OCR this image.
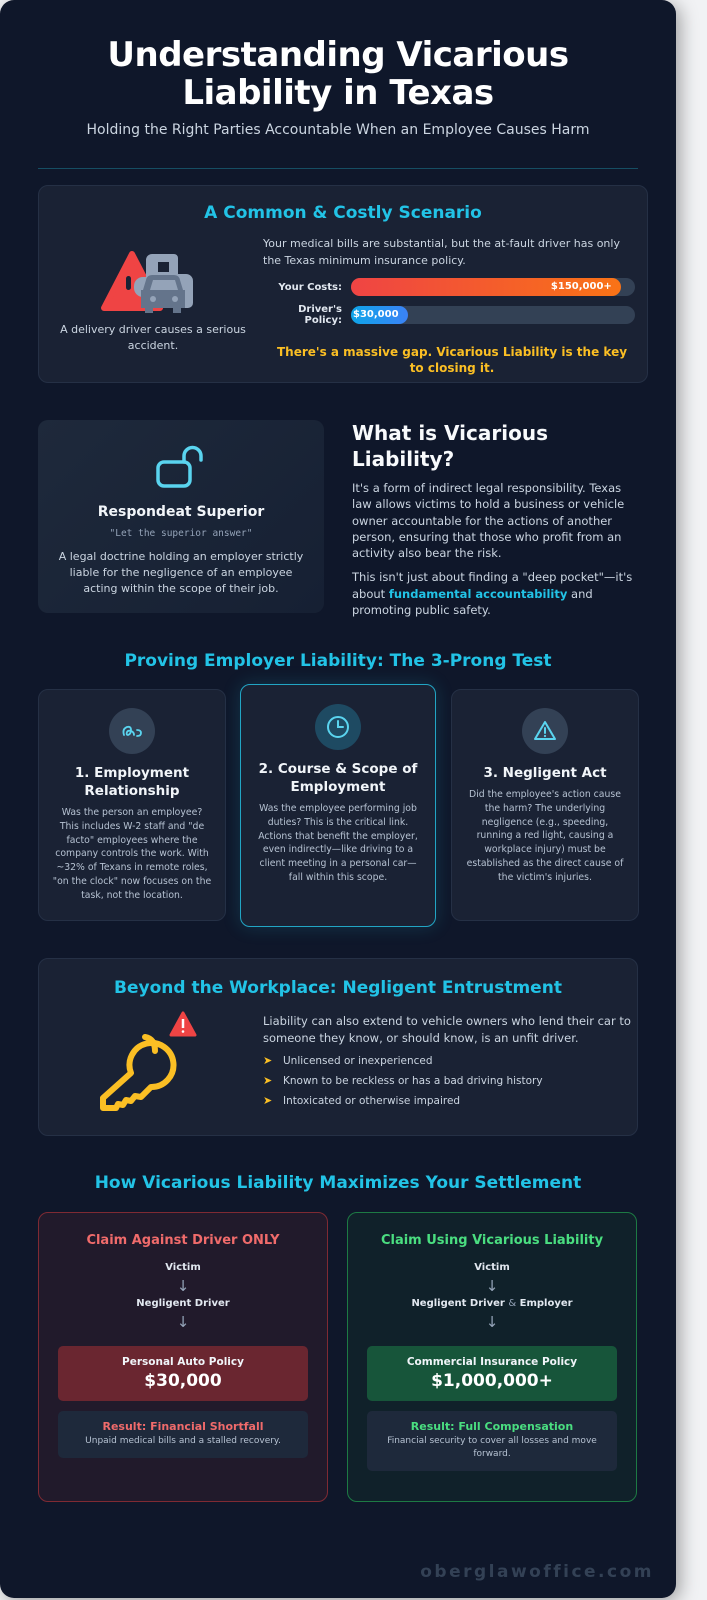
Understanding Vicarious Liability in Texas
Holding the Right Parties Accountable When an Employee Causes Harm
A Common & Costly Scenario
A delivery driver causes a serious accident.
Your medical bills are substantial, but the at-fault driver has only the Texas minimum insurance policy.
Your Costs:	$150,000+
Driver's Policy:
$30,000
There's a massive gap. Vicarious Liability is the key to closing it.
Respondeat Superior
"Let the superior answer"
A legal doctrine holding an employer strictly liable for the negligence of an employee acting within the scope of their job.
What is Vicarious Liability?

It's a form of indirect legal responsibility. Texas law allows victims to hold a business or vehicle owner accountable for the actions of another person, ensuring that those who profit from an activity also bear the risk.

This isn't just about finding a "deep pocket"—it's about fundamental accountability and promoting public safety.

Proving Employer Liability: The 3-Prong Test
1. Employment Relationship
Was the person an employee? This includes W-2 staff and "de facto" employees where the company controls the work. With ~32% of Texans in remote roles, "on the clock" now focuses on the task, not the location.
2. Course & Scope of Employment
Was the employee performing job duties? This is the critical link. Actions that benefit the employer, even indirectly—like driving to a client meeting in a personal car—fall within this scope.
3. Negligent Act
Did the employee's action cause the harm? The underlying negligence (e.g., speeding, running a red light, causing a workplace injury) must be established as the direct cause of the victim's injuries.
Beyond the Workplace: Negligent Entrustment
Liability can also extend to vehicle owners who lend their car to someone they know, or should know, is an unfit driver.
➤ Unlicensed or inexperienced
➤ Known to be reckless or has a bad driving history
➤ Intoxicated or otherwise impaired
How Vicarious Liability Maximizes Your Settlement
Claim Against Driver ONLY
Victim
↓
Negligent Driver
↓
Personal Auto Policy
$30,000
Result: Financial Shortfall
Unpaid medical bills and a stalled recovery.
Claim Using Vicarious Liability
Victim
↓
Negligent Driver & Employer
↓
Commercial Insurance Policy
$1,000,000+
Result: Full Compensation
Financial security to cover all losses and move forward.
oberglawoffice.com
